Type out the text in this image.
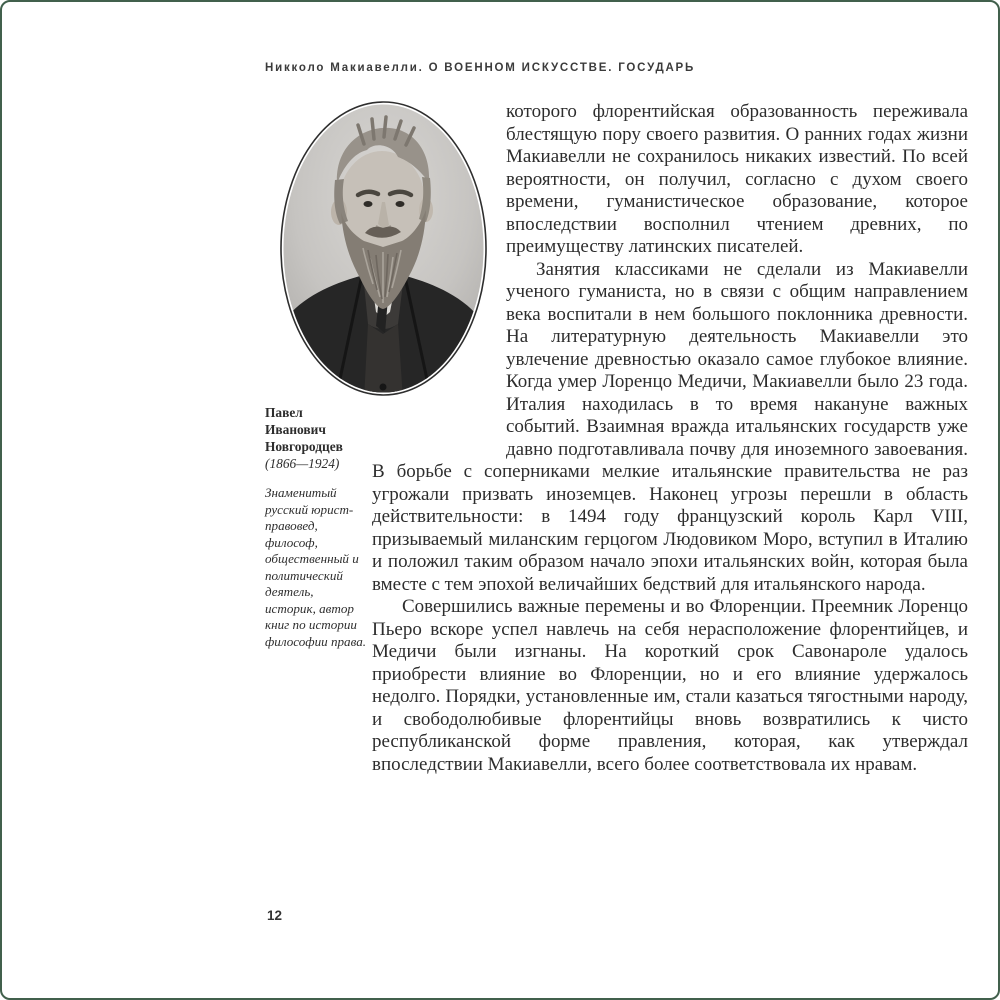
Никколо Макиавелли. О ВОЕННОМ ИСКУССТВЕ. ГОСУДАРЬ
Павел Иванович Новгородцев
(1866—1924)
Знаменитый русский юрист-правовед, философ, общественный и политический деятель, историк, автор книг по истории философии права.

которого флорентийская образованность переживала блестящую пору своего развития. О ранних годах жизни Макиавелли не сохранилось никаких известий. По всей вероятности, он получил, согласно с духом своего времени, гуманистическое образование, которое впоследствии восполнил чтением древних, по преимуществу латинских писателей.

Занятия классиками не сделали из Макиавелли ученого гуманиста, но в связи с общим направлением века воспитали в нем большого поклонника древности. На литературную деятельность Макиавелли это увлечение древностью оказало самое глубокое влияние. Когда умер Лоренцо Медичи, Макиавелли было 23 года. Италия находилась в то время накануне важных событий. Взаимная вражда итальянских государств уже давно подготавливала почву для иноземного завоевания. В борьбе с соперниками мелкие итальянские правительства не раз угрожали призвать иноземцев. Наконец угрозы перешли в область действительности: в 1494 году французский король Карл VIII, призываемый миланским герцогом Людовиком Моро, вступил в Италию и положил таким образом начало эпохи итальянских войн, которая была вместе с тем эпохой величайших бедствий для итальянского народа.

Совершились важные перемены и во Флоренции. Преемник Лоренцо Пьеро вскоре успел навлечь на себя нерасположение флорентийцев, и Медичи были изгнаны. На короткий срок Савонароле удалось приобрести влияние во Флоренции, но и его влияние удержалось недолго. Порядки, установленные им, стали казаться тягостными народу, и свободолюбивые флорентийцы вновь возвратились к чисто республиканской форме правления, которая, как утверждал впоследствии Макиавелли, всего более соответствовала их нравам.

12
